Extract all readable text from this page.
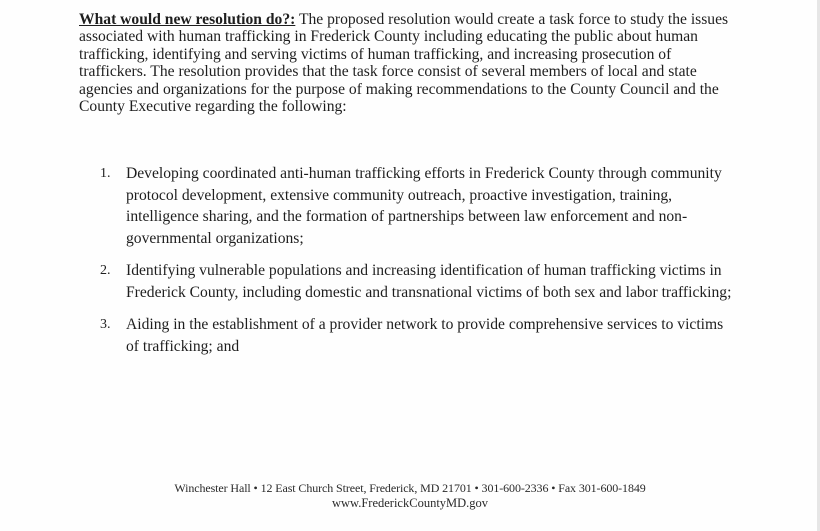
What would new resolution do?: The proposed resolution would create a task force to study the issues associated with human trafficking in Frederick County including educating the public about human trafficking, identifying and serving victims of human trafficking, and increasing prosecution of traffickers. The resolution provides that the task force consist of several members of local and state agencies and organizations for the purpose of making recommendations to the County Council and the County Executive regarding the following:

1. Developing coordinated anti-human trafficking efforts in Frederick County through community protocol development, extensive community outreach, proactive investigation, training, intelligence sharing, and the formation of partnerships between law enforcement and non-governmental organizations;
2. Identifying vulnerable populations and increasing identification of human trafficking victims in Frederick County, including domestic and transnational victims of both sex and labor trafficking;
3. Aiding in the establishment of a provider network to provide comprehensive services to victims of trafficking; and
Winchester Hall • 12 East Church Street, Frederick, MD 21701 • 301-600-2336 • Fax 301-600-1849
www.FrederickCountyMD.gov
